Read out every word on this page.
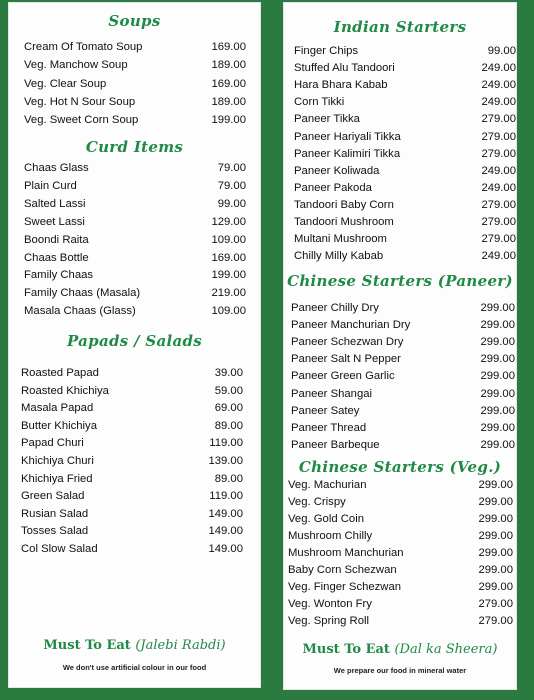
Soups
Cream Of Tomato Soup	169.00
Veg. Manchow Soup	189.00
Veg. Clear Soup	169.00
Veg. Hot N Sour Soup	189.00
Veg. Sweet Corn Soup	199.00
Curd Items
Chaas Glass	79.00
Plain Curd	79.00
Salted Lassi	99.00
Sweet Lassi	129.00
Boondi Raita	109.00
Chaas Bottle	169.00
Family Chaas	199.00
Family Chaas (Masala)	219.00
Masala Chaas (Glass)	109.00
Papads / Salads
Roasted Papad	39.00
Roasted Khichiya	59.00
Masala Papad	69.00
Butter Khichiya	89.00
Papad Churi	119.00
Khichiya Churi	139.00
Khichiya Fried	89.00
Green Salad	119.00
Rusian Salad	149.00
Tosses Salad	149.00
Col Slow Salad	149.00
Must To Eat (Jalebi Rabdi)
We don't use artificial colour in our food
Indian Starters
Finger Chips	99.00
Stuffed Alu Tandoori	249.00
Hara Bhara Kabab	249.00
Corn Tikki	249.00
Paneer Tikka	279.00
Paneer Hariyali Tikka	279.00
Paneer Kalimiri Tikka	279.00
Paneer Koliwada	249.00
Paneer Pakoda	249.00
Tandoori Baby Corn	279.00
Tandoori Mushroom	279.00
Multani Mushroom	279.00
Chilly Milly Kabab	249.00
Chinese Starters (Paneer)
Paneer Chilly Dry	299.00
Paneer Manchurian Dry	299.00
Paneer Schezwan Dry	299.00
Paneer Salt N Pepper	299.00
Paneer Green Garlic	299.00
Paneer Shangai	299.00
Paneer Satey	299.00
Paneer Thread	299.00
Paneer Barbeque	299.00
Chinese Starters (Veg.)
Veg. Machurian	299.00
Veg. Crispy	299.00
Veg. Gold Coin	299.00
Mushroom Chilly	299.00
Mushroom Manchurian	299.00
Baby Corn Schezwan	299.00
Veg. Finger Schezwan	299.00
Veg. Wonton Fry	279.00
Veg. Spring Roll	279.00
Must To Eat (Dal ka Sheera)
We prepare our food in mineral water
